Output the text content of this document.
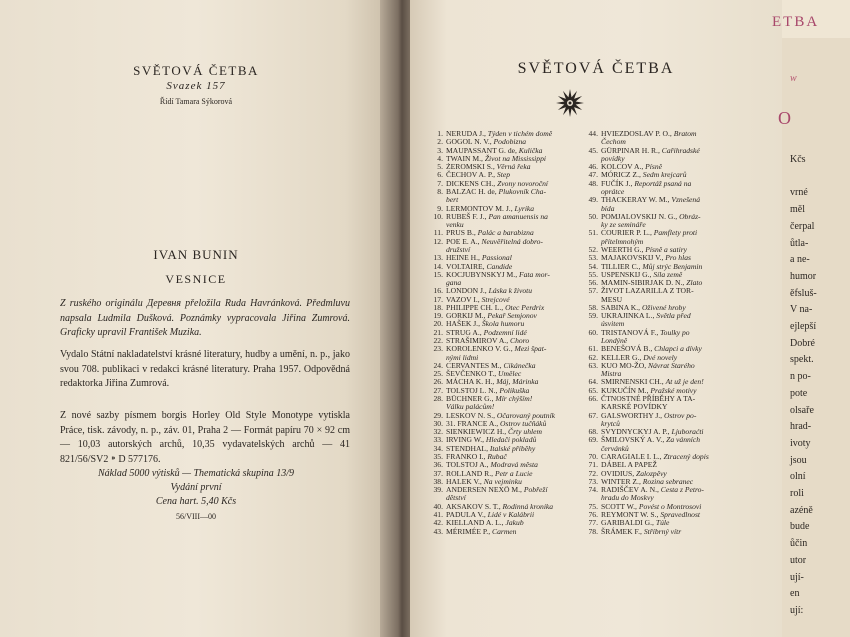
SVĚTOVÁ ČETBA
Svazek 157
Řídí Tamara Sýkorová
IVAN BUNIN
VESNICE
Z ruského originálu Деревня přeložila Ruda Havránková. Předmluvu napsala Ludmila Dušková. Poznámky vypracovala Jiřina Zumrová. Graficky upravil František Muzika.
Vydalo Státní nakladatelství krásné literatury, hudby a umění, n. p., jako svou 708. publikaci v redakci krásné literatury. Praha 1957. Odpovědná redaktorka Jiřina Zumrová.
Z nové sazby písmem borgis Horley Old Style Monotype vytiskla Práce, tisk. závody, n. p., záv. 01, Praha 2 — Formát papíru 70 × 92 cm — 10,03 autorských archů, 10,35 vydavatelských archů — 41 821/56/SV2 ⁍ D 577176.
Náklad 5000 výtisků — Thematická skupina 13/9
Vydání první
Cena hart. 5,40 Kčs
56/VIII—00
SVĚTOVÁ ČETBA
1. NERUDA J., Týden v tichém domě
2. GOGOL N. V., Podobizna
3. MAUPASSANT G. de, Kulička
4. TWAIN M., Život na Mississippi
5. ŻEROMSKI S., Věrná řeka
6. ČECHOV A. P., Step
7. DICKENS CH., Zvony novoroční
8. BALZAC H. de, Plukovník Cha-
bert
9. LERMONTOV M. J., Lyrika
10. RUBEŠ F. J., Pan amanuensis na
venku
11. PRUS B., Palác a barabizna
12. POE E. A., Neuvěřitelná dobro-
družství
13. HEINE H., Passional
14. VOLTAIRE, Candide
15. KOCJUBYNSKYJ M., Fata mor-
gana
16. LONDON J., Láska k životu
17. VAZOV I., Strejcové
18. PHILIPPE CH. L., Otec Perdrix
19. GORKIJ M., Pekař Semjonov
20. HAŠEK J., Škola humoru
21. STRUG A., Podzemní lidé
22. STRAŠIMIROV A., Choro
23. KOROLENKO V. G., Mezi špat-
nými lidmi
24. CERVANTES M., Cikánečka
25. ŠEVČENKO T., Umělec
26. MÁCHA K. H., Máj, Márinka
27. TOLSTOJ L. N., Polikuška
28. BÜCHNER G., Mír chýším!
Válku palácům!
29. LESKOV N. S., Očarovaný poutník
30. 31. FRANCE A., Ostrov tučňáků
32. SIENKIEWICZ H., Črty uhlem
33. IRVING W., Hledači pokladů
34. STENDHAL, Italské příběhy
35. FRANKO I., Rubač
36. TOLSTOJ A., Modravá města
37. ROLLAND R., Petr a Lucie
38. HALEK V., Na vejminku
39. ANDERSEN NEXÖ M., Pobřeží
dětství
40. AKSAKOV S. T., Rodinná kronika
41. PADULA V., Lidé v Kalábrii
42. KIELLAND A. L., Jakub
43. MÉRIMÉE P., Carmen
44. HVIEZDOSLAV P. O., Bratom
Čechom
45. GÜRPINAR H. R., Cařihradské
povídky
46. KOLCOV A., Písně
47. MÓRICZ Z., Sedm krejcarů
48. FUČÍK J., Reportáž psaná na
oprátce
49. THACKERAY W. M., Vznešená
bída
50. POMJALOVSKIJ N. G., Obráz-
ky ze semináře
51. COURIER P. L., Pamflety proti
přítelmnohým
52. WEERTH G., Písně a satiry
53. MAJAKOVSKIJ V., Pro hlas
54. TILLIER C., Můj strýc Benjamin
55. USPENSKIJ G., Síla země
56. MAMIN-SIBIRJAK D. N., Zlato
57. ŽIVOT LAZARILLA Z TOR-
MESU
58. SABINA K., Oživené hroby
59. UKRAJINKA L., Světla před
úsvitem
60. TRISTANOVÁ F., Toulky po
Londýně
61. BENEŠOVÁ B., Chlapci a dívky
62. KELLER G., Dvé novely
63. KUO MO-ŽO, Návrat Starého
Mistra
64. SMIRNENSKI CH., At už je den!
65. KUKUČÍN M., Pražské motivy
66. ČTNOSTNÉ PŘÍBĚHY A TA-
KARSKÉ POVÍDKY
67. GALSWORTHY J., Ostrov po-
krytců
68. SVYDNYCKYJ A. P., Ljuboraćti
69. ŠMILOVSKÝ A. V., Za vánních
červánků
70. CARAGIALE I. L., Ztracený dopis
71. DÁBEL A PAPEŽ
72. OVIDIUS, Zalozpěvy
73. WINTER Z., Rozina sebranec
74. RADIŠČEV A. N., Cesta z Petro-
hradu do Moskvy
75. SCOTT W., Povést o Montrosovi
76. REYMONT W. S., Spravedlnost
77. GARIBALDI G., Túle
78. ŠRÁMEK F., Stříbrný vítr
ETBA
w
O
Kčs

vrné
měl
čerpal
ůtla-
a ne-
humor
ěfsluš-
V na-
ejlepší
Dobré
spekt.
n po-
pote
olsaře
hrad-
ivoty
jsou
olní
roli
azéně
bude
ůčin
utor
ují-
en
ují:
